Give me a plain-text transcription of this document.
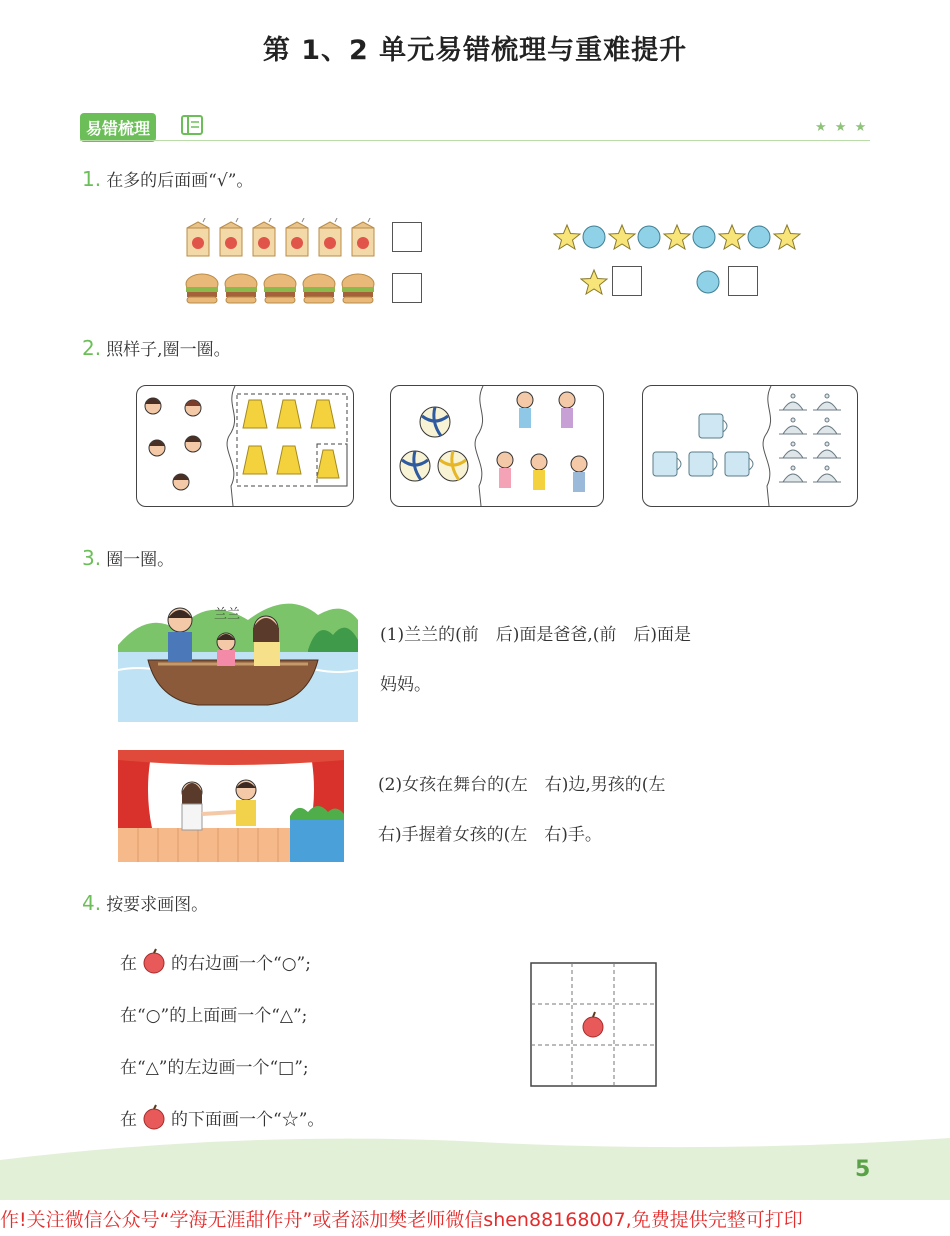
第 1、2 单元易错梳理与重难提升
易错梳理	★ ★ ★
1. 在多的后面画“√”。
2. 照样子,圈一圈。
3. 圈一圈。
兰兰
(1)兰兰的(前　后)面是爸爸,(前　后)面是
妈妈。
(2)女孩在舞台的(左　右)边,男孩的(左
右)手握着女孩的(左　右)手。
4. 按要求画图。
在 的右边画一个“○”;
在“○”的上面画一个“△”;
在“△”的左边画一个“□”;
在 的下面画一个“☆”。
5
作!关注微信公众号“学海无涯甜作舟”或者添加樊老师微信shen88168007,免费提供完整可打印
